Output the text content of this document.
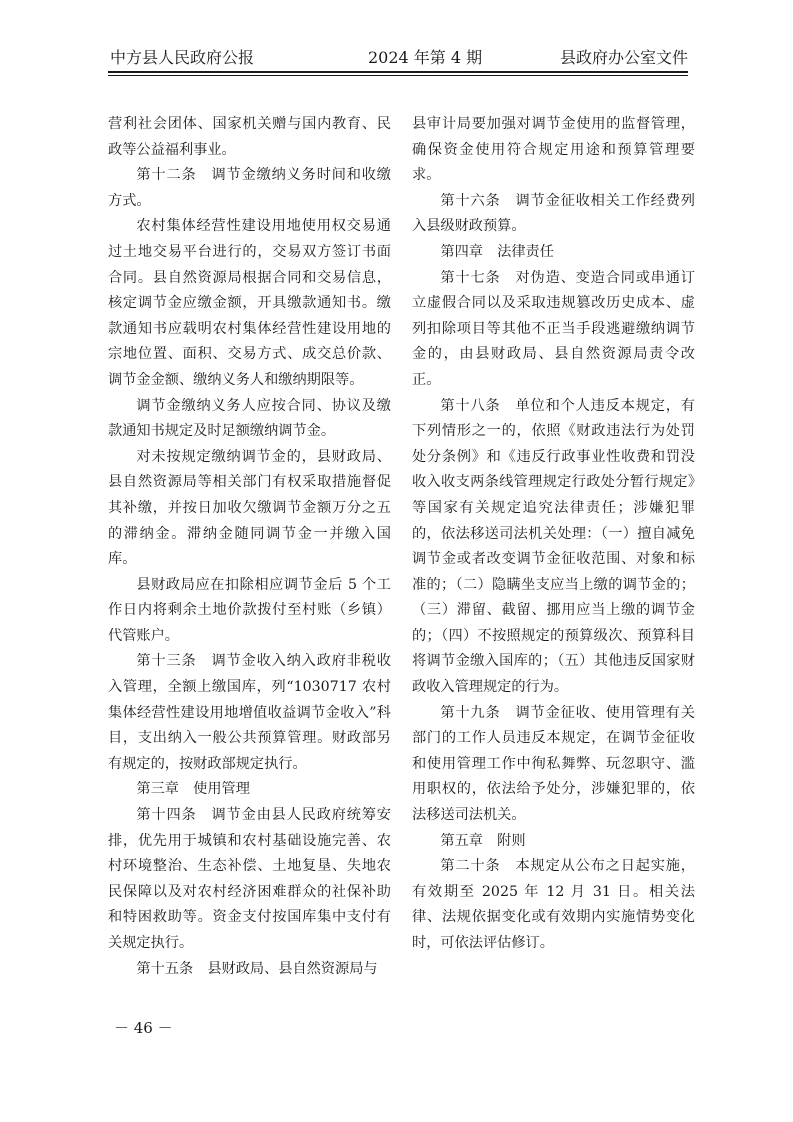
中方县人民政府公报	2024 年第 4 期	县政府办公室文件

营利社会团体、国家机关赠与国内教育、民政等公益福利事业。

第十二条　调节金缴纳义务时间和收缴方式。

农村集体经营性建设用地使用权交易通过土地交易平台进行的，交易双方签订书面合同。县自然资源局根据合同和交易信息，核定调节金应缴金额，开具缴款通知书。缴款通知书应载明农村集体经营性建设用地的宗地位置、面积、交易方式、成交总价款、调节金金额、缴纳义务人和缴纳期限等。

调节金缴纳义务人应按合同、协议及缴款通知书规定及时足额缴纳调节金。

对未按规定缴纳调节金的，县财政局、县自然资源局等相关部门有权采取措施督促其补缴，并按日加收欠缴调节金额万分之五的滞纳金。滞纳金随同调节金一并缴入国库。

县财政局应在扣除相应调节金后 5 个工作日内将剩余土地价款拨付至村账（乡镇）代管账户。

第十三条　调节金收入纳入政府非税收入管理，全额上缴国库，列“1030717 农村集体经营性建设用地增值收益调节金收入”科目，支出纳入一般公共预算管理。财政部另有规定的，按财政部规定执行。

第三章　使用管理

第十四条　调节金由县人民政府统筹安排，优先用于城镇和农村基础设施完善、农村环境整治、生态补偿、土地复垦、失地农民保障以及对农村经济困难群众的社保补助和特困救助等。资金支付按国库集中支付有关规定执行。

第十五条　县财政局、县自然资源局与

县审计局要加强对调节金使用的监督管理，确保资金使用符合规定用途和预算管理要求。

第十六条　调节金征收相关工作经费列入县级财政预算。

第四章　法律责任

第十七条　对伪造、变造合同或串通订立虚假合同以及采取违规篡改历史成本、虚列扣除项目等其他不正当手段逃避缴纳调节金的，由县财政局、县自然资源局责令改正。

第十八条　单位和个人违反本规定，有下列情形之一的，依照《财政违法行为处罚处分条例》和《违反行政事业性收费和罚没收入收支两条线管理规定行政处分暂行规定》等国家有关规定追究法律责任；涉嫌犯罪的，依法移送司法机关处理：（一）擅自减免调节金或者改变调节金征收范围、对象和标准的；（二）隐瞒坐支应当上缴的调节金的；（三）滞留、截留、挪用应当上缴的调节金的；（四）不按照规定的预算级次、预算科目将调节金缴入国库的；（五）其他违反国家财政收入管理规定的行为。

第十九条　调节金征收、使用管理有关部门的工作人员违反本规定，在调节金征收和使用管理工作中徇私舞弊、玩忽职守、滥用职权的，依法给予处分，涉嫌犯罪的，依法移送司法机关。

第五章　附则

第二十条　本规定从公布之日起实施，有效期至 2025 年 12 月 31 日。相关法律、法规依据变化或有效期内实施情势变化时，可依法评估修订。

－ 46 －
